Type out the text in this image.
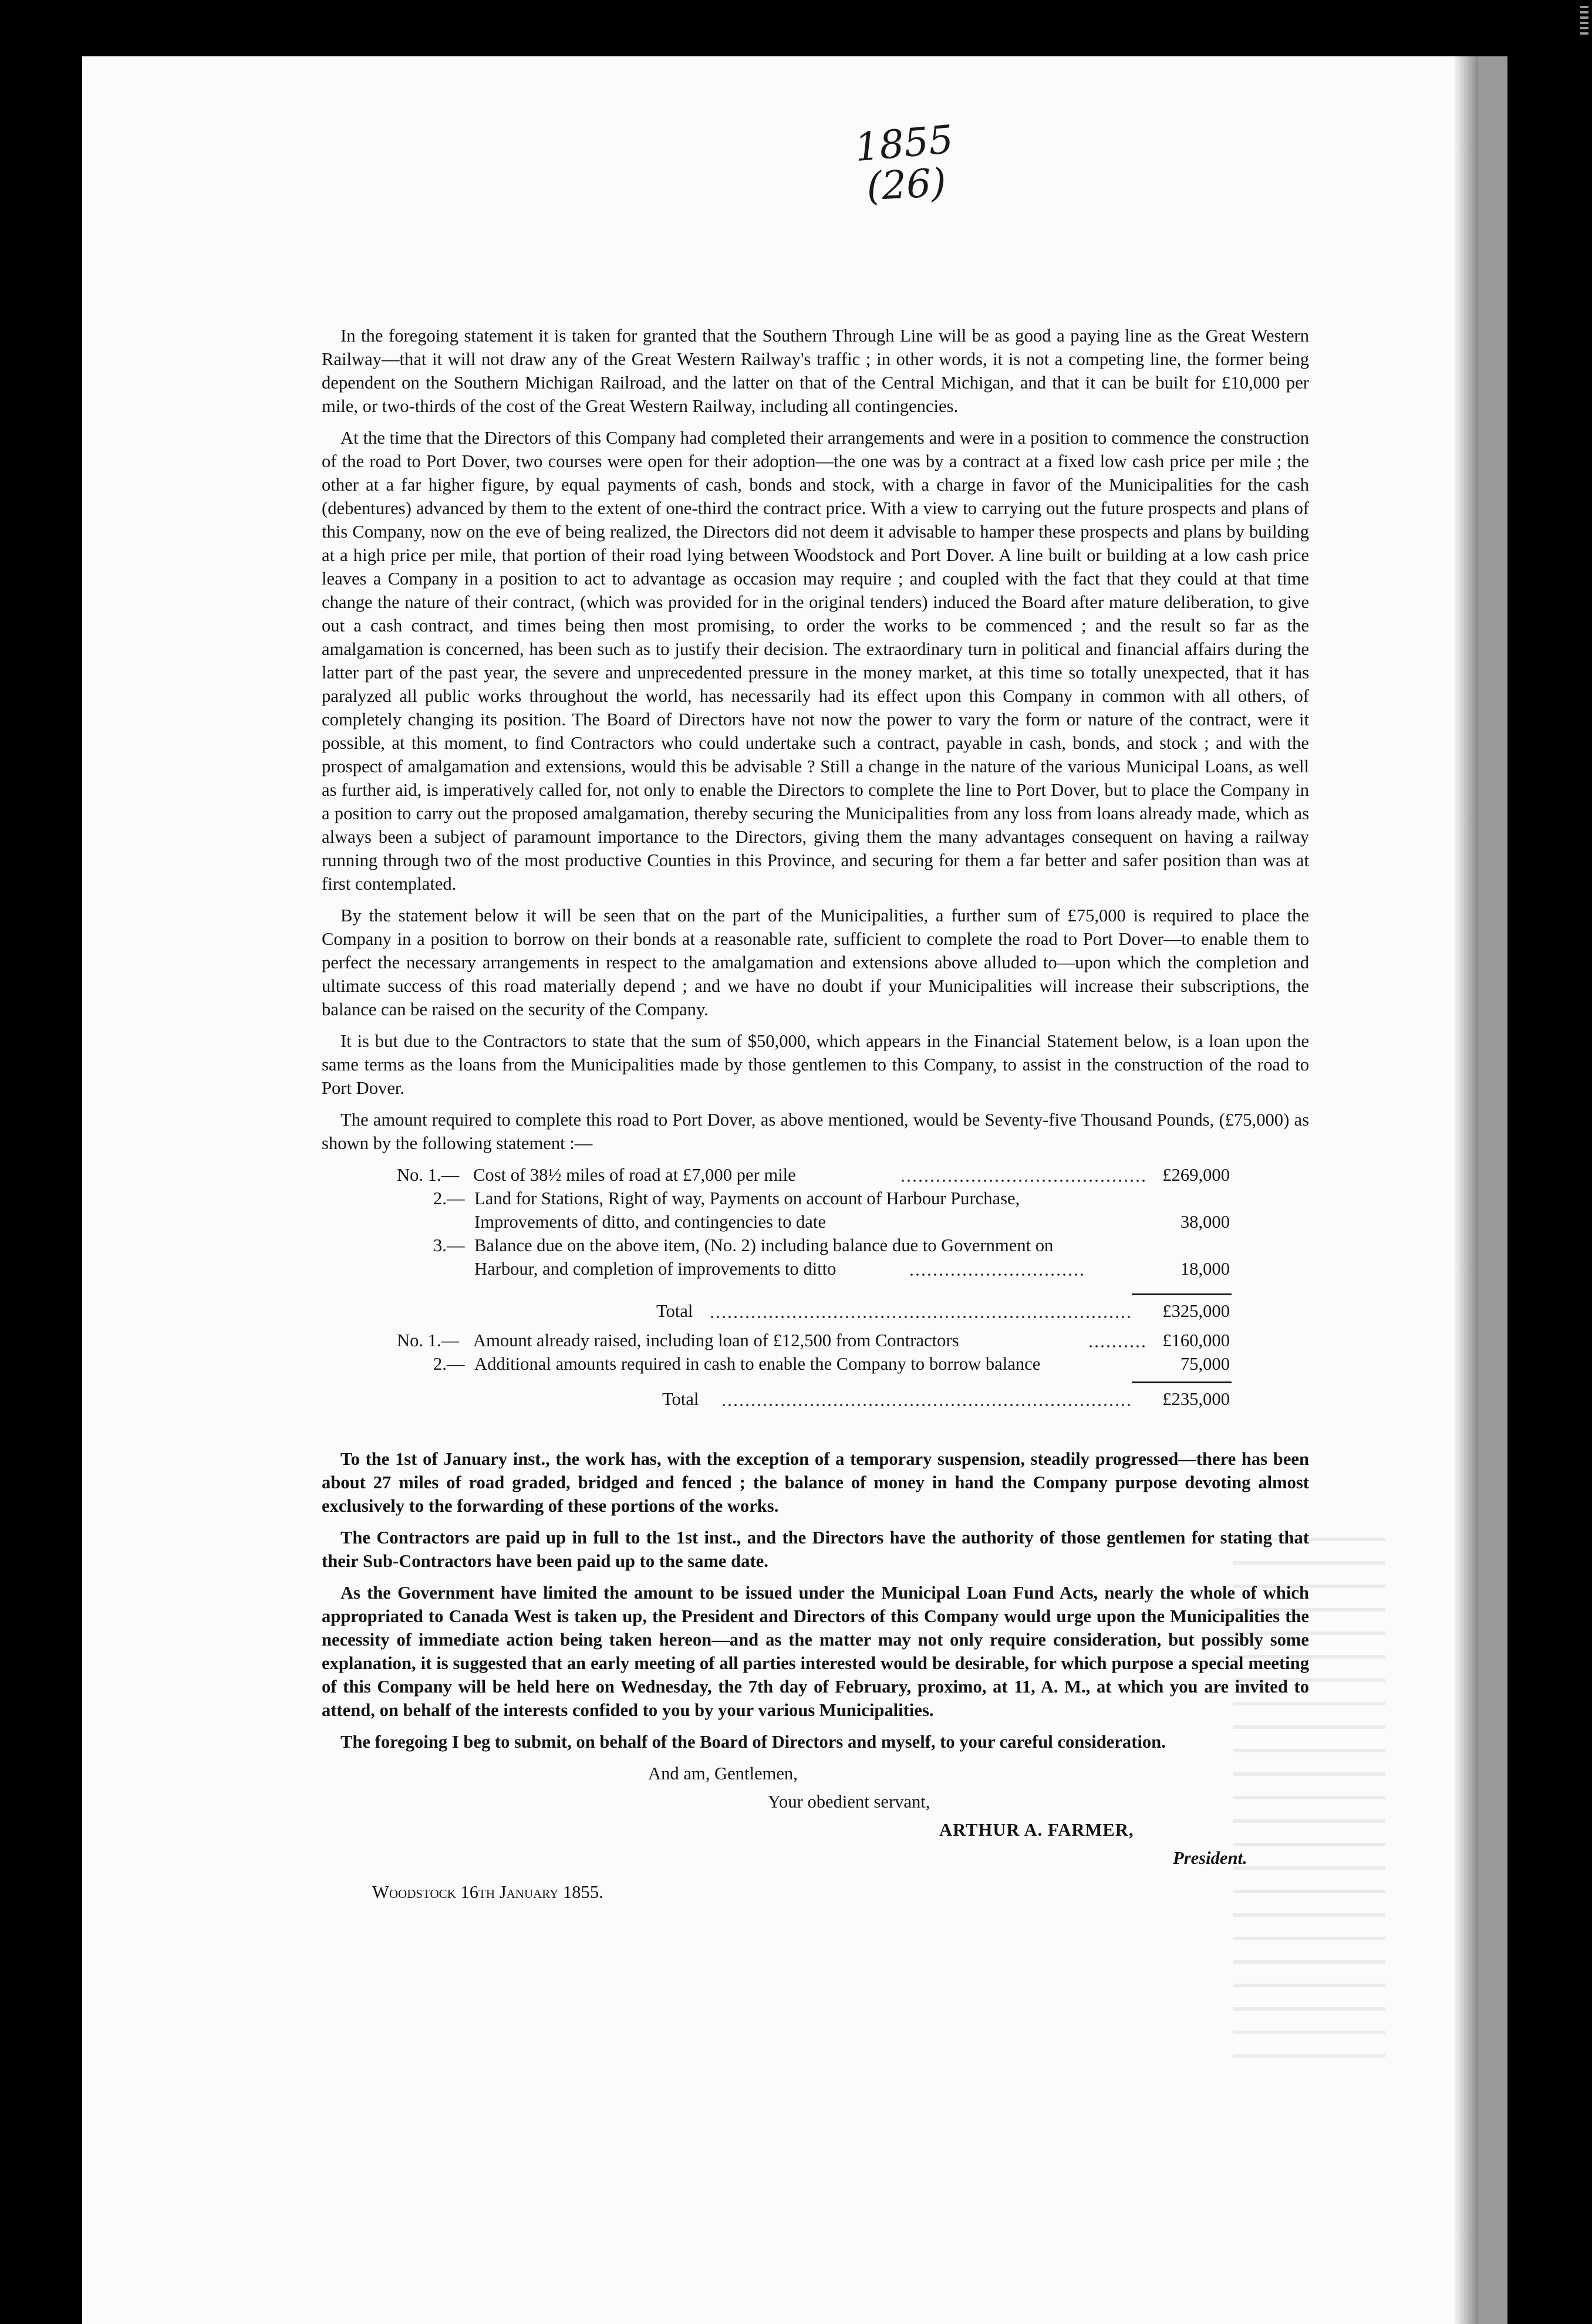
1855
(26)

In the foregoing statement it is taken for granted that the Southern Through Line will be as good a paying line as the Great Western Railway—that it will not draw any of the Great Western Railway's traffic ; in other words, it is not a competing line, the former being dependent on the Southern Michigan Railroad, and the latter on that of the Central Michigan, and that it can be built for £10,000 per mile, or two-thirds of the cost of the Great Western Railway, including all contingencies.

At the time that the Directors of this Company had completed their arrangements and were in a position to commence the construction of the road to Port Dover, two courses were open for their adoption—the one was by a contract at a fixed low cash price per mile ; the other at a far higher figure, by equal payments of cash, bonds and stock, with a charge in favor of the Municipalities for the cash (debentures) advanced by them to the extent of one-third the contract price. With a view to carrying out the future prospects and plans of this Company, now on the eve of being realized, the Directors did not deem it advisable to hamper these prospects and plans by building at a high price per mile, that portion of their road lying between Woodstock and Port Dover. A line built or building at a low cash price leaves a Company in a position to act to advantage as occasion may require ; and coupled with the fact that they could at that time change the nature of their contract, (which was provided for in the original tenders) induced the Board after mature deliberation, to give out a cash contract, and times being then most promising, to order the works to be commenced ; and the result so far as the amalgamation is concerned, has been such as to justify their decision. The extraordinary turn in political and financial affairs during the latter part of the past year, the severe and unprecedented pressure in the money market, at this time so totally unexpected, that it has paralyzed all public works throughout the world, has necessarily had its effect upon this Company in common with all others, of completely changing its position. The Board of Directors have not now the power to vary the form or nature of the contract, were it possible, at this moment, to find Contractors who could undertake such a contract, payable in cash, bonds, and stock ; and with the prospect of amalgamation and extensions, would this be advisable ? Still a change in the nature of the various Municipal Loans, as well as further aid, is imperatively called for, not only to enable the Directors to complete the line to Port Dover, but to place the Company in a position to carry out the proposed amalgamation, thereby securing the Municipalities from any loss from loans already made, which as always been a subject of paramount importance to the Directors, giving them the many advantages consequent on having a railway running through two of the most productive Counties in this Province, and securing for them a far better and safer position than was at first contemplated.

By the statement below it will be seen that on the part of the Municipalities, a further sum of £75,000 is required to place the Company in a position to borrow on their bonds at a reasonable rate, sufficient to complete the road to Port Dover—to enable them to perfect the necessary arrangements in respect to the amalgamation and extensions above alluded to—upon which the completion and ultimate success of this road materially depend ; and we have no doubt if your Municipalities will increase their subscriptions, the balance can be raised on the security of the Company.

It is but due to the Contractors to state that the sum of $50,000, which appears in the Financial Statement below, is a loan upon the same terms as the loans from the Municipalities made by those gentlemen to this Company, to assist in the construction of the road to Port Dover.

The amount required to complete this road to Port Dover, as above mentioned, would be Seventy-five Thousand Pounds, (£75,000) as shown by the following statement :—

No. 1.— Cost of 38½ miles of road at £7,000 per mile	£269,000
2.— Land for Stations, Right of way, Payments on account of Harbour Purchase,
Improvements of ditto, and contingencies to date	38,000
3.— Balance due on the above item, (No. 2) including balance due to Government on
Harbour, and completion of improvements to ditto	18,000
Total	£325,000
No. 1.— Amount already raised, including loan of £12,500 from Contractors	£160,000
2.— Additional amounts required in cash to enable the Company to borrow balance	75,000
Total	£235,000

To the 1st of January inst., the work has, with the exception of a temporary suspension, steadily progressed—there has been about 27 miles of road graded, bridged and fenced ; the balance of money in hand the Company purpose devoting almost exclusively to the forwarding of these portions of the works.

The Contractors are paid up in full to the 1st inst., and the Directors have the authority of those gentlemen for stating that their Sub-Contractors have been paid up to the same date.

As the Government have limited the amount to be issued under the Municipal Loan Fund Acts, nearly the whole of which appropriated to Canada West is taken up, the President and Directors of this Company would urge upon the Municipalities the necessity of immediate action being taken hereon—and as the matter may not only require consideration, but possibly some explanation, it is suggested that an early meeting of all parties interested would be desirable, for which purpose a special meeting of this Company will be held here on Wednesday, the 7th day of February, proximo, at 11, A. M., at which you are invited to attend, on behalf of the interests confided to you by your various Municipalities.

The foregoing I beg to submit, on behalf of the Board of Directors and myself, to your careful consideration.

And am, Gentlemen,
Your obedient servant,
ARTHUR A. FARMER,
President.
Woodstock 16th January 1855.
